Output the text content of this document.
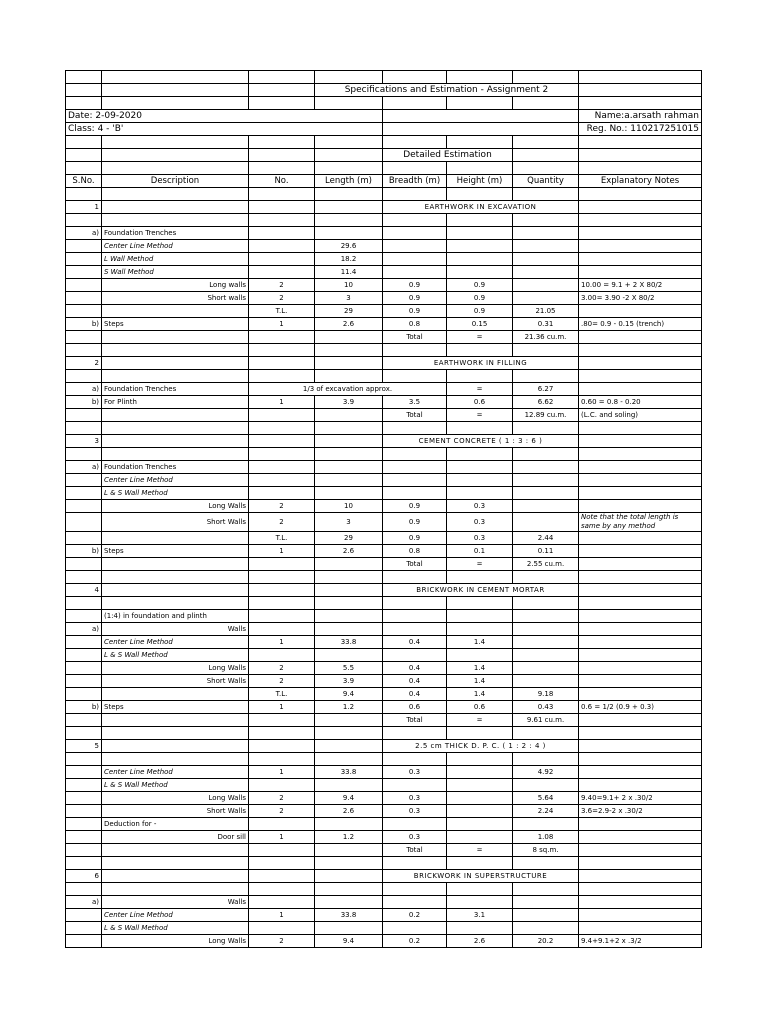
			Specifications and Estimation - Assignment 2				

Date: 2-09-2020							Name:a.arsath rahman
Class: 4 - 'B'							Reg. No.: 110217251015

				Detailed Estimation			

S.No.	Description	No.	Length (m)	Breadth (m)	Height (m)	Quantity	Explanatory Notes

1				EARTHWORK IN EXCAVATION			

a)	Foundation Trenches						
	Center Line Method		29.6				
	L Wall Method		18.2				
	S Wall Method		11.4				
	Long walls	2	10	0.9	0.9		10.00 = 9.1 + 2 X 80/2
	Short walls	2	3	0.9	0.9		3.00= 3.90 -2 X 80/2
		T.L.	29	0.9	0.9	21.05	
b)	Steps	1	2.6	0.8	0.15	0.31	.80= 0.9 - 0.15 (trench)
				Total	=	21.36 cu.m.	

2				EARTHWORK IN FILLING			

a)	Foundation Trenches	1/3 of excavation approx.			=	6.27	
b)	For Plinth	1	3.9	3.5	0.6	6.62	0.60 = 0.8 - 0.20
				Total	=	12.89 cu.m.	(L.C. and soling)

3				CEMENT CONCRETE ( 1 : 3 : 6 )			

a)	Foundation Trenches						
	Center Line Method						
	L & S Wall Method						
	Long Walls	2	10	0.9	0.3		
	Short Walls	2	3	0.9	0.3		Note that the total length is same by any method
		T.L.	29	0.9	0.3	2.44	
b)	Steps	1	2.6	0.8	0.1	0.11	
				Total	=	2.55 cu.m.	

4				BRICKWORK IN CEMENT MORTAR			

	(1:4) in foundation and plinth						
a)	Walls						
	Center Line Method	1	33.8	0.4	1.4		
	L & S Wall Method						
	Long Walls	2	5.5	0.4	1.4		
	Short Walls	2	3.9	0.4	1.4		
		T.L.	9.4	0.4	1.4	9.18	
b)	Steps	1	1.2	0.6	0.6	0.43	0.6 = 1/2 (0.9 + 0.3)
				Total	=	9.61 cu.m.	

5				2.5 cm THICK D. P. C. ( 1 : 2 : 4 )			

	Center Line Method	1	33.8	0.3		4.92	
	L & S Wall Method						
	Long Walls	2	9.4	0.3		5.64	9.40=9.1+ 2 x .30/2
	Short Walls	2	2.6	0.3		2.24	3.6=2.9-2 x .30/2
	Deduction for -						
	Door sill	1	1.2	0.3		1.08	
				Total	=	8 sq.m.	

6				BRICKWORK IN SUPERSTRUCTURE			

a)	Walls						
	Center Line Method	1	33.8	0.2	3.1		
	L & S Wall Method						
	Long Walls	2	9.4	0.2	2.6	20.2	9.4+9.1+2 x .3/2
